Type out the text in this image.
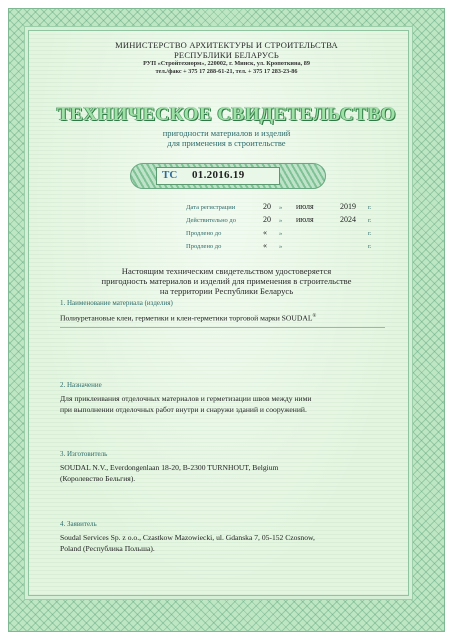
МИНИСТЕРСТВО АРХИТЕКТУРЫ И СТРОИТЕЛЬСТВА
РЕСПУБЛИКИ БЕЛАРУСЬ
РУП «Стройтехнорм», 220002, г. Минск, ул. Кропоткина, 89
тел./факс + 375 17 288-61-21, тел. + 375 17 283-23-86
ТЕХНИЧЕСКОЕ СВИДЕТЕЛЬСТВО
пригодности материалов и изделий
для применения в строительстве
ТС 01.2016.19
Дата регистрации	20 » июля	2019 г.
Действительно до	20 » июля	2024 г.
Продлено до	« »	г.
Продлено до	« »	г.
Настоящим техническим свидетельством удостоверяется
пригодность материалов и изделий для применения в строительстве
на территории Республики Беларусь
1. Наименование материала (изделия)
Полиуретановые клеи, герметики и клеи-герметики торговой марки SOUDAL®
2. Назначение
Для приклеивания отделочных материалов и герметизации швов между ними
при выполнении отделочных работ внутри и снаружи зданий и сооружений.
3. Изготовитель
SOUDAL N.V., Everdongenlaan 18-20, B-2300 TURNHOUT, Belgium
(Королевство Бельгия).
4. Заявитель
Soudal Services Sp. z o.o., Czastkow Mazowiecki, ul. Gdanska 7, 05-152 Czosnow,
Poland (Республика Польша).
